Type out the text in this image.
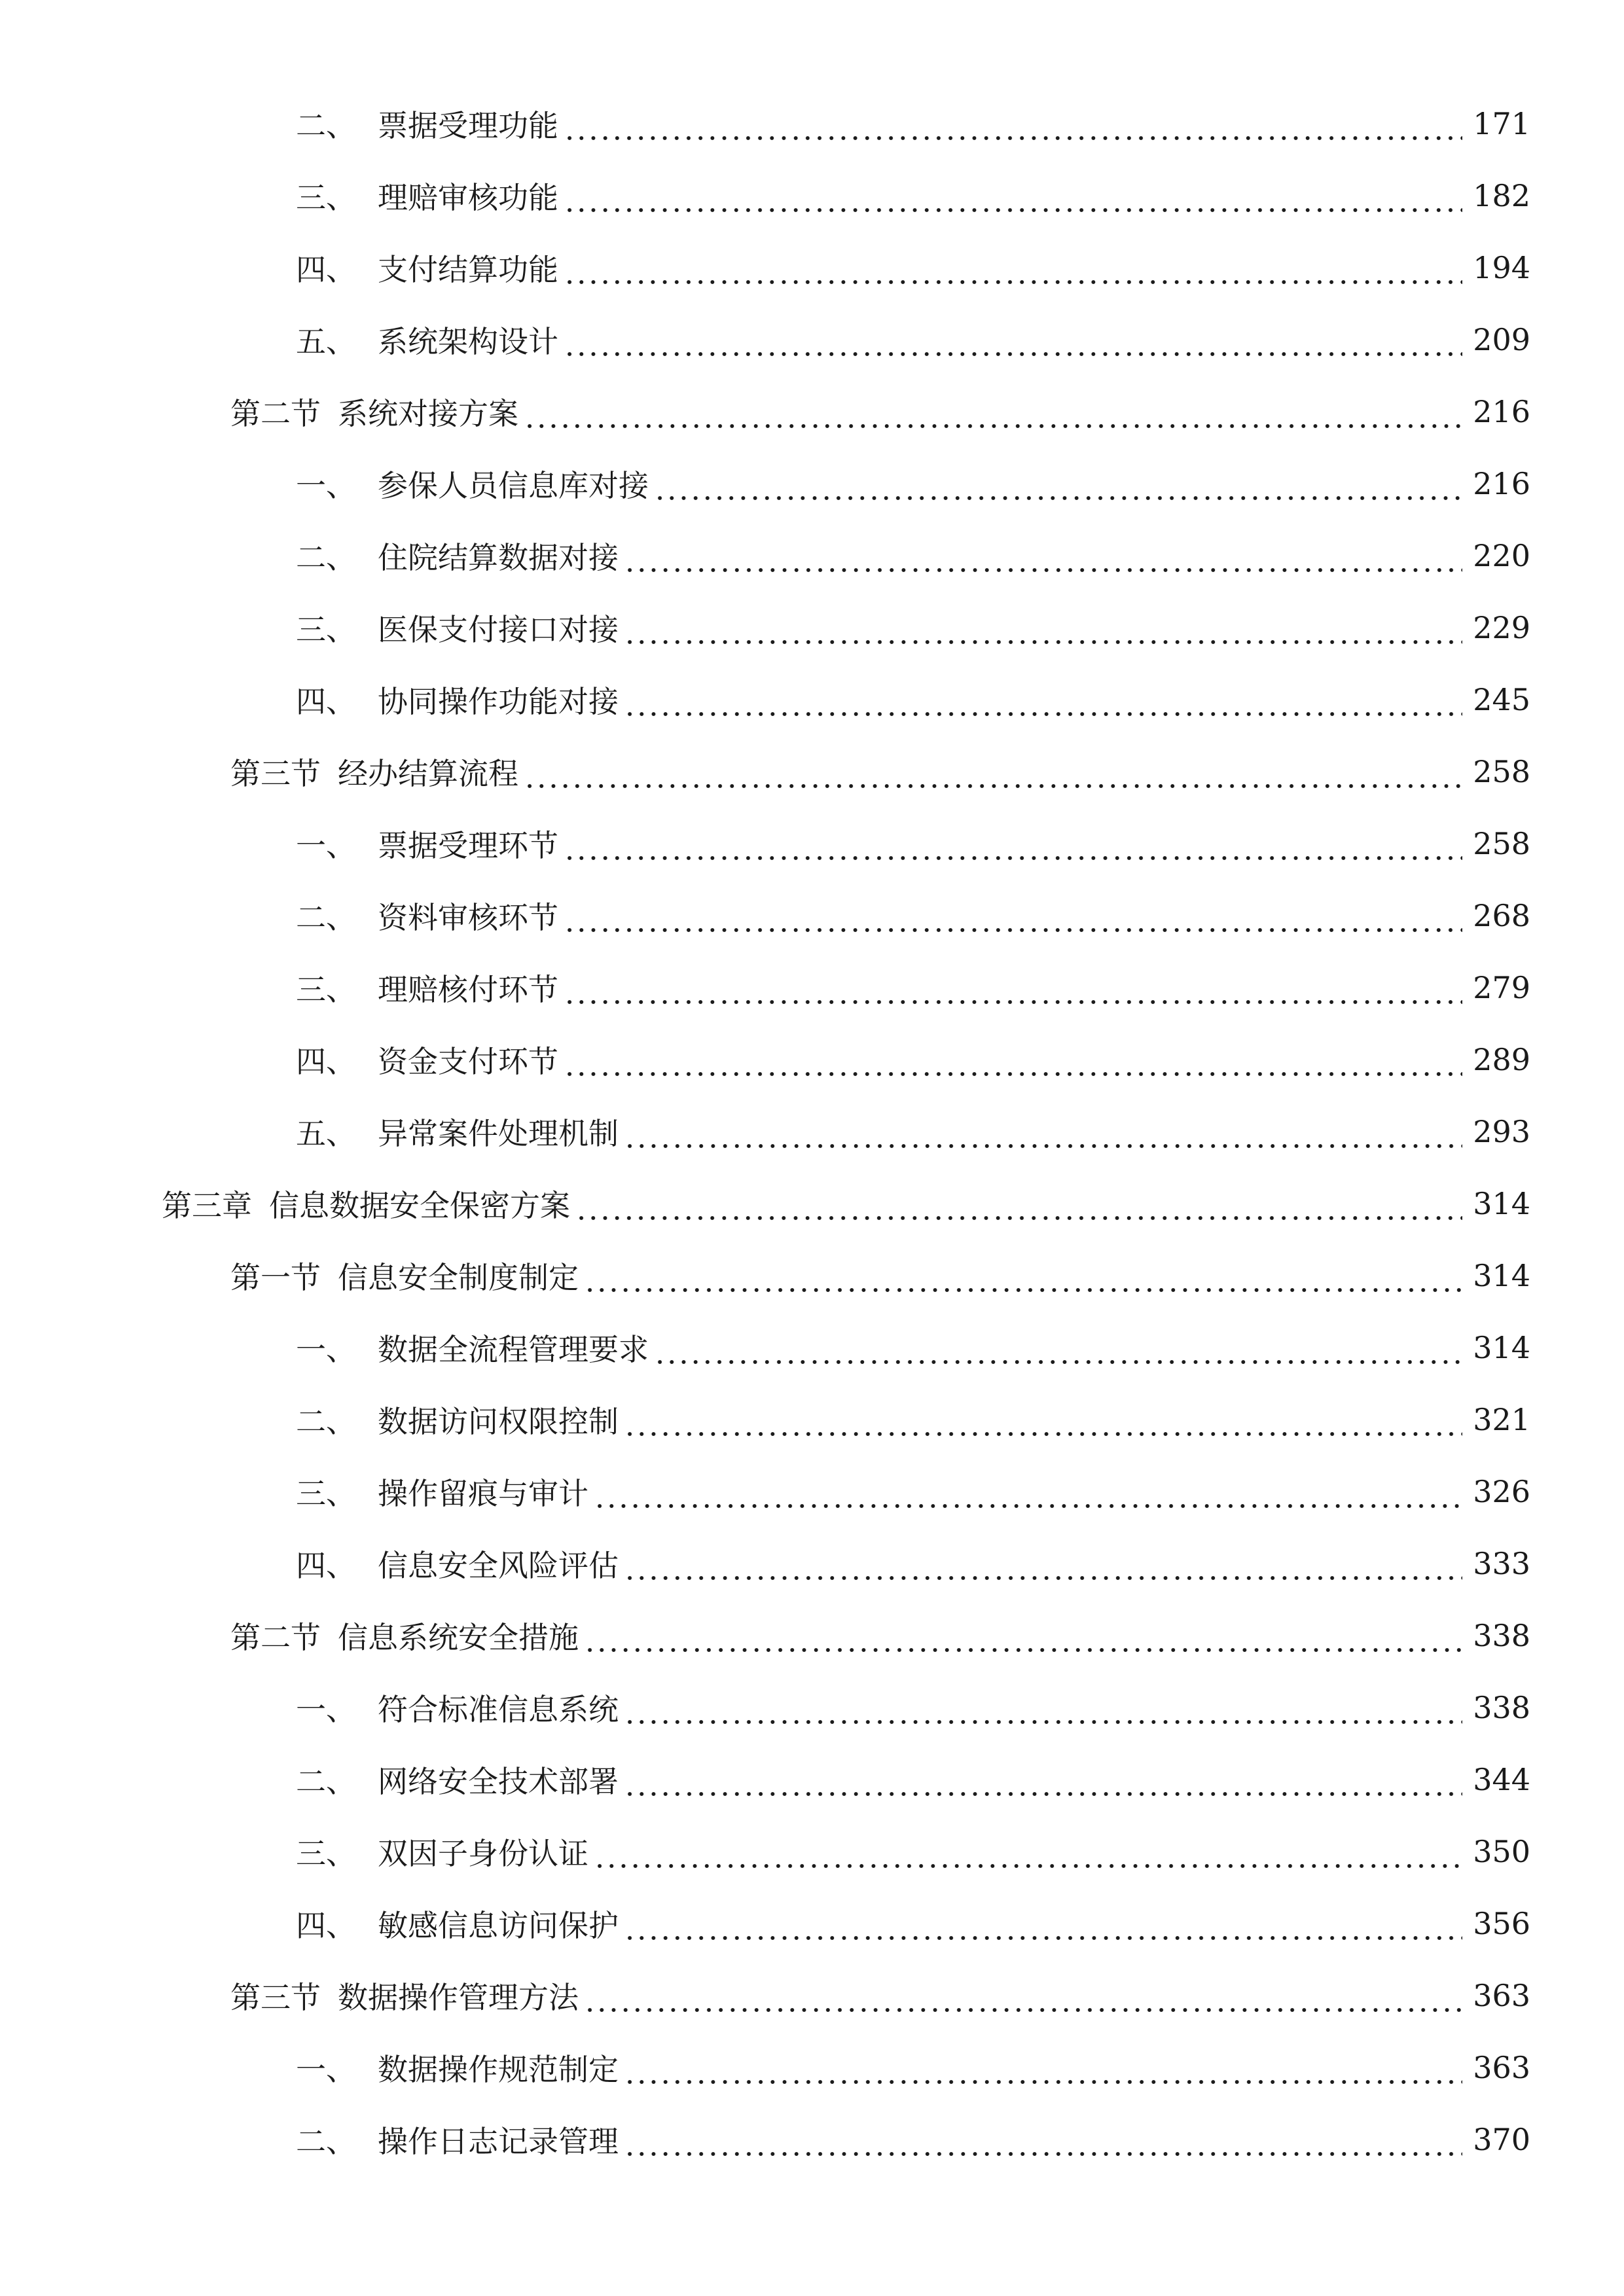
二、 票据受理功能	171
三、 理赔审核功能	182
四、 支付结算功能	194
五、 系统架构设计	209
第二节 系统对接方案	216
一、 参保人员信息库对接	216
二、 住院结算数据对接	220
三、 医保支付接口对接	229
四、 协同操作功能对接	245
第三节 经办结算流程	258
一、 票据受理环节	258
二、 资料审核环节	268
三、 理赔核付环节	279
四、 资金支付环节	289
五、 异常案件处理机制	293
第三章 信息数据安全保密方案	314
第一节 信息安全制度制定	314
一、 数据全流程管理要求	314
二、 数据访问权限控制	321
三、 操作留痕与审计	326
四、 信息安全风险评估	333
第二节 信息系统安全措施	338
一、 符合标准信息系统	338
二、 网络安全技术部署	344
三、 双因子身份认证	350
四、 敏感信息访问保护	356
第三节 数据操作管理方法	363
一、 数据操作规范制定	363
二、 操作日志记录管理	370
